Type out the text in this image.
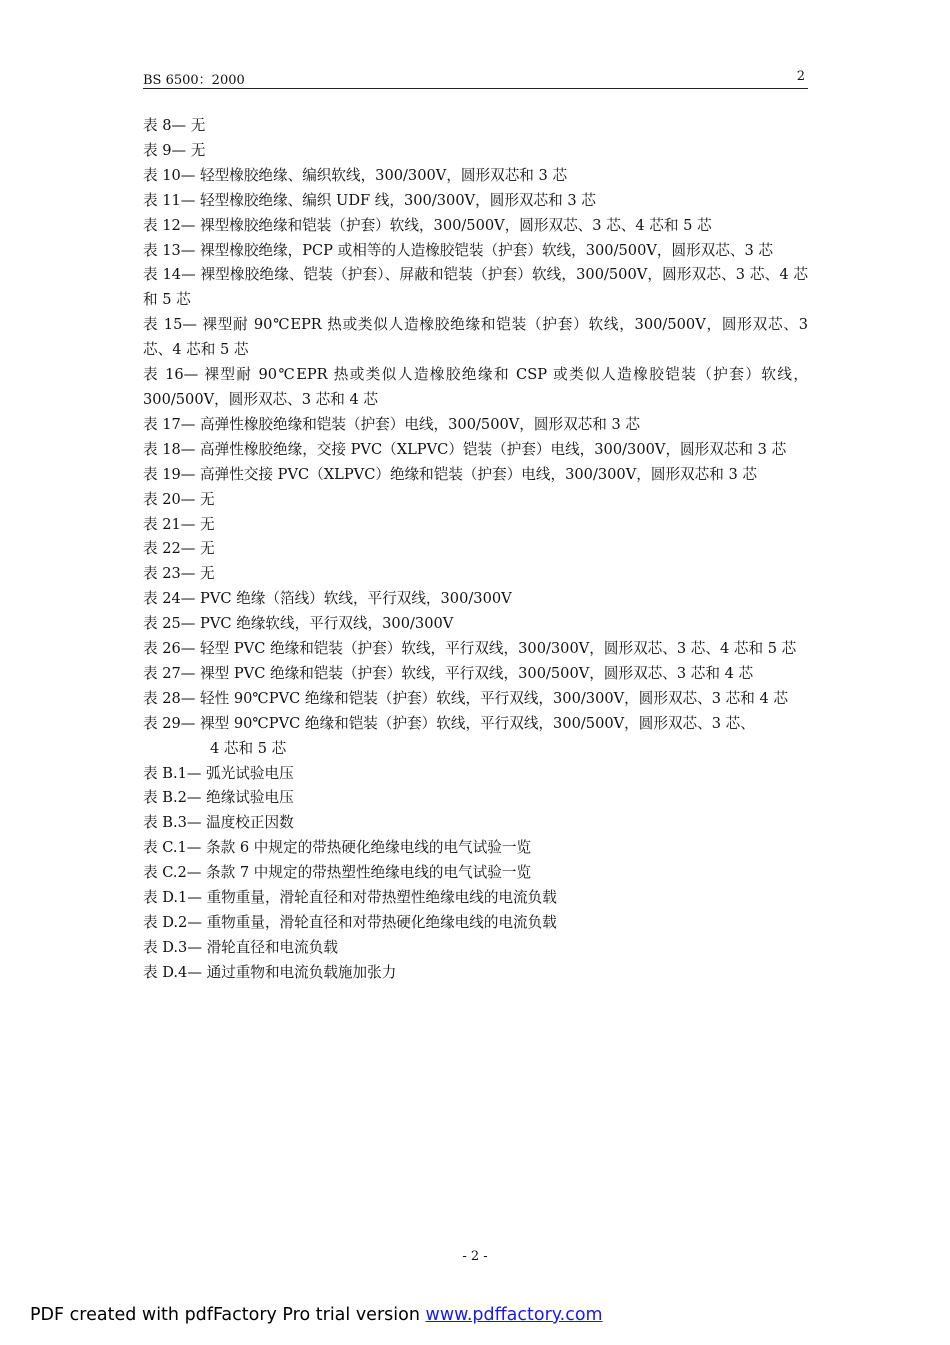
BS 6500：2000	2
表 8— 无
表 9— 无
表 10— 轻型橡胶绝缘、编织软线，300/300V，圆形双芯和 3 芯
表 11— 轻型橡胶绝缘、编织 UDF 线，300/300V，圆形双芯和 3 芯
表 12— 裸型橡胶绝缘和铠装（护套）软线，300/500V，圆形双芯、3 芯、4 芯和 5 芯
表 13— 裸型橡胶绝缘，PCP 或相等的人造橡胶铠装（护套）软线，300/500V，圆形双芯、3 芯
表 14— 裸型橡胶绝缘、铠装（护套）、屏蔽和铠装（护套）软线，300/500V，圆形双芯、3 芯、4 芯和 5 芯
表 15— 裸型耐 90℃EPR 热或类似人造橡胶绝缘和铠装（护套）软线，300/500V，圆形双芯、3 芯、4 芯和 5 芯
表 16— 裸型耐 90℃EPR 热或类似人造橡胶绝缘和 CSP 或类似人造橡胶铠装（护套）软线，300/500V，圆形双芯、3 芯和 4 芯
表 17— 高弹性橡胶绝缘和铠装（护套）电线，300/500V，圆形双芯和 3 芯
表 18— 高弹性橡胶绝缘，交接 PVC（XLPVC）铠装（护套）电线，300/300V，圆形双芯和 3 芯
表 19— 高弹性交接 PVC（XLPVC）绝缘和铠装（护套）电线，300/300V，圆形双芯和 3 芯
表 20— 无
表 21— 无
表 22— 无
表 23— 无
表 24— PVC 绝缘（箔线）软线，平行双线，300/300V
表 25— PVC 绝缘软线，平行双线，300/300V
表 26— 轻型 PVC 绝缘和铠装（护套）软线，平行双线，300/300V，圆形双芯、3 芯、4 芯和 5 芯
表 27— 裸型 PVC 绝缘和铠装（护套）软线，平行双线，300/500V，圆形双芯、3 芯和 4 芯
表 28— 轻性 90℃PVC 绝缘和铠装（护套）软线，平行双线，300/300V，圆形双芯、3 芯和 4 芯
表 29— 裸型 90℃PVC 绝缘和铠装（护套）软线，平行双线，300/500V，圆形双芯、3 芯、
4 芯和 5 芯
表 B.1— 弧光试验电压
表 B.2— 绝缘试验电压
表 B.3— 温度校正因数
表 C.1— 条款 6 中规定的带热硬化绝缘电线的电气试验一览
表 C.2— 条款 7 中规定的带热塑性绝缘电线的电气试验一览
表 D.1— 重物重量，滑轮直径和对带热塑性绝缘电线的电流负载
表 D.2— 重物重量，滑轮直径和对带热硬化绝缘电线的电流负载
表 D.3— 滑轮直径和电流负载
表 D.4— 通过重物和电流负载施加张力
- 2 -
PDF created with pdfFactory Pro trial version www.pdffactory.com
